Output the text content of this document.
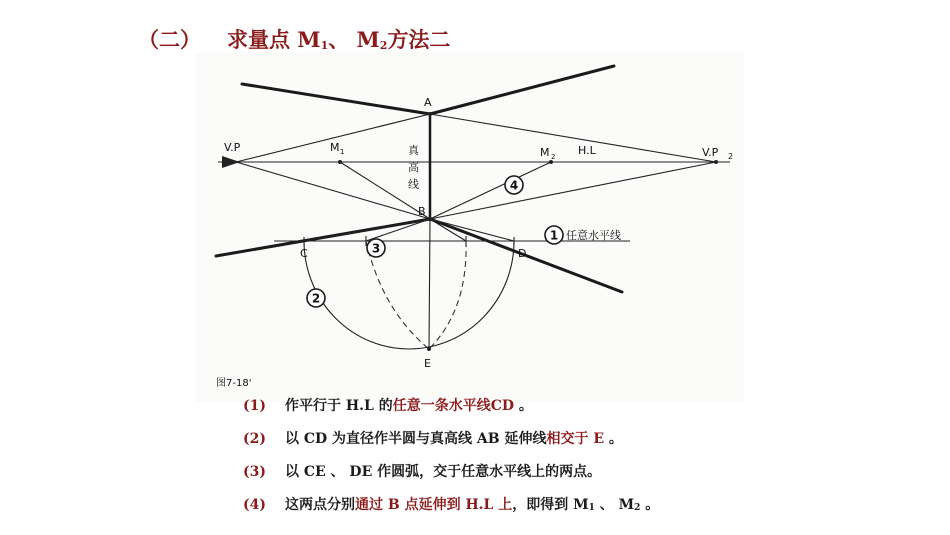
（二） 求量点 $M_1$、 $M_2$方法二
1
2
3
4
A
B
C	D
E
V.P	V.P 2
M 1	M 2 H.L
真
高
线
任意水平线
图7-18'
(1) 作平行于 H.L 的任意一条水平线CD 。
(2) 以 CD 为直径作半圆与真高线 AB 延伸线相交于 E 。
(3) 以 CE 、 DE 作圆弧，交于任意水平线上的两点。
(4) 这两点分别通过 B 点延伸到 H.L 上，即得到 $M_1$ 、 $M_2$ 。
